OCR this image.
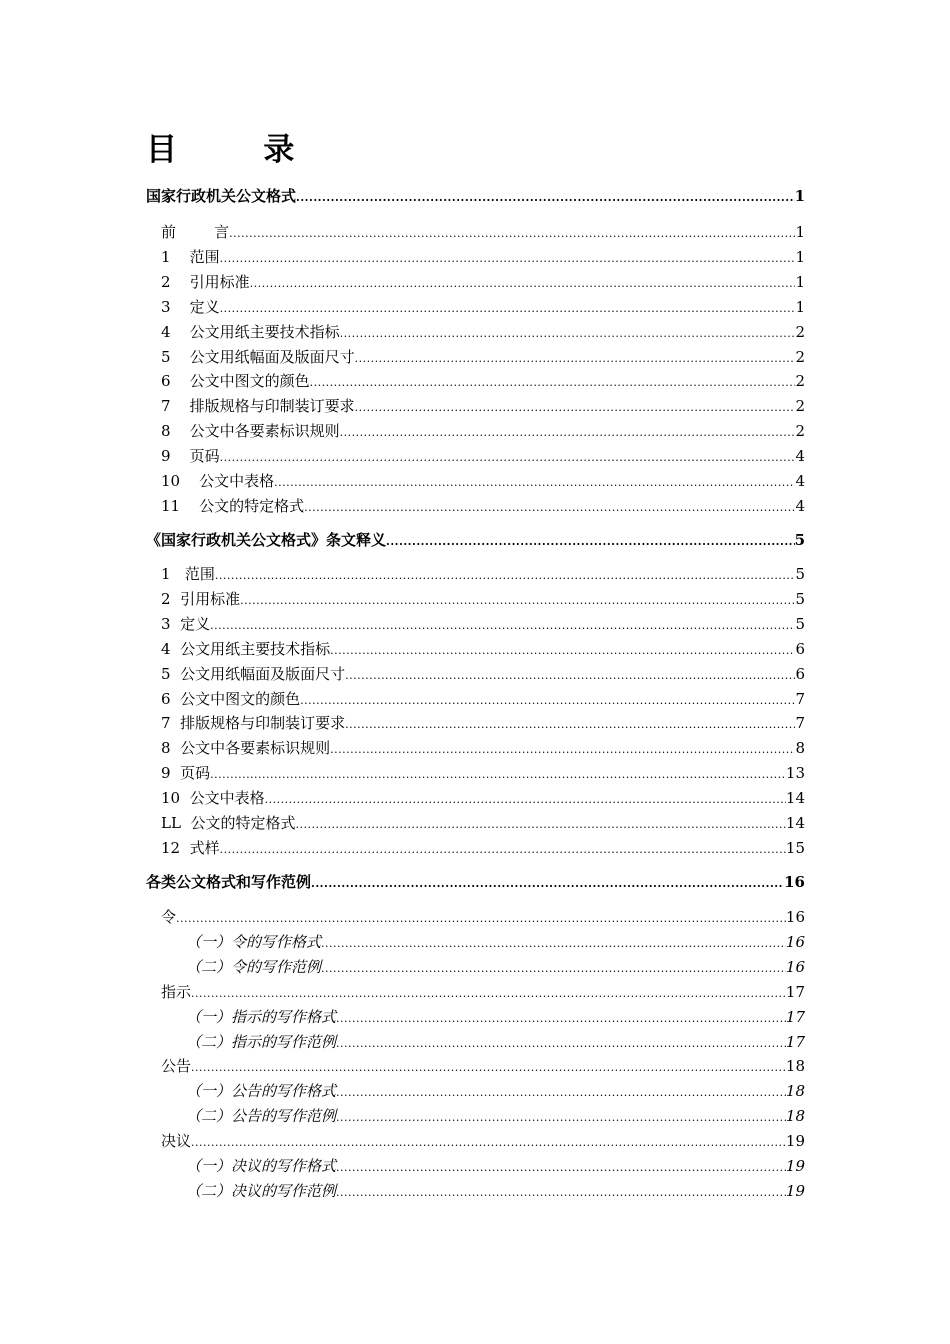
目        录
国家行政机关公文格式 .....	1
前        言 .....	1
1    范围 .....	1
2    引用标准 .....	1
3    定义 .....	1
4    公文用纸主要技术指标 .....	2
5    公文用纸幅面及版面尺寸 .....	2
6    公文中图文的颜色 .....	2
7    排版规格与印制装订要求 .....	2
8    公文中各要素标识规则 .....	2
9    页码 .....	4
10    公文中表格 .....	4
11    公文的特定格式 .....	4
《国家行政机关公文格式》条文释义 .....	5
1   范围 .....	5
2  引用标准 .....	5
3  定义 .....	5
4  公文用纸主要技术指标 .....	6
5  公文用纸幅面及版面尺寸 .....	6
6  公文中图文的颜色 .....	7
7  排版规格与印制装订要求 .....	7
8  公文中各要素标识规则 .....	8
9  页码 .....	13
10  公文中表格 .....	14
LL  公文的特定格式 .....	14
12  式样 .....	15
各类公文格式和写作范例 .....	16
令 .....	16
（一）令的写作格式 .....	16
（二）令的写作范例 .....	16
指示 .....	17
（一）指示的写作格式 .....	17
（二）指示的写作范例 .....	17
公告 .....	18
（一）公告的写作格式 .....	18
（二）公告的写作范例 .....	18
决议 .....	19
（一）决议的写作格式 .....	19
（二）决议的写作范例 .....	19
